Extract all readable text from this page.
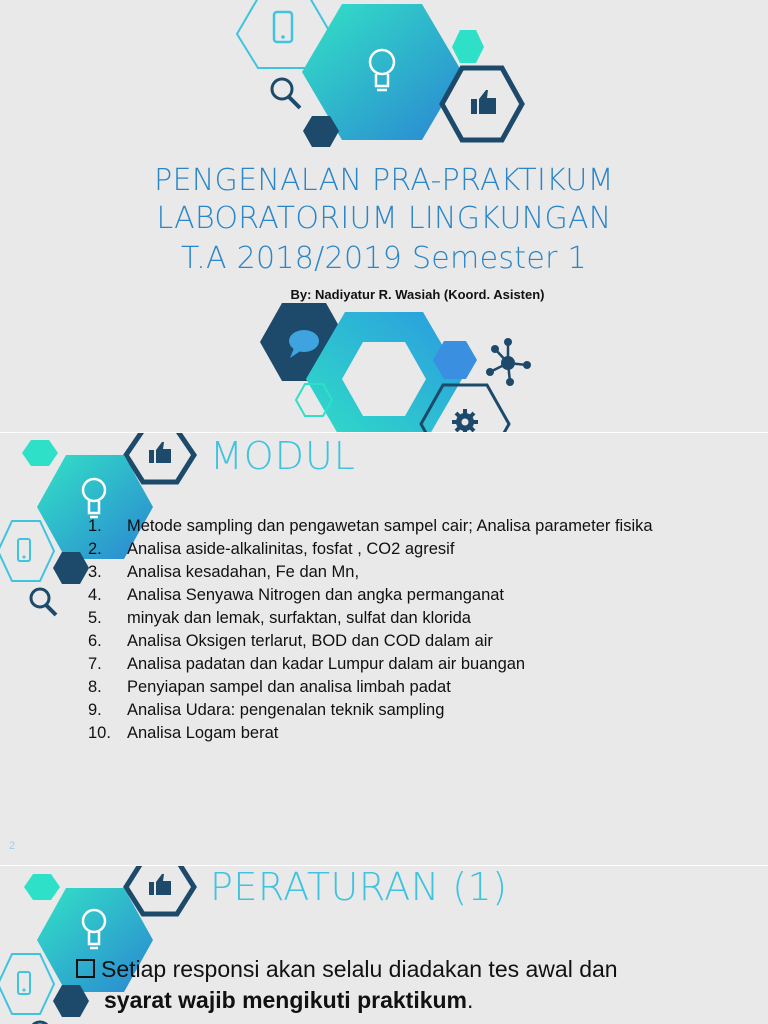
PENGENALAN PRA-PRAKTIKUM
LABORATORIUM LINGKUNGAN
T.A 2018/2019 Semester 1
By: Nadiyatur R. Wasiah (Koord. Asisten)
MODUL
1.	Metode sampling dan pengawetan sampel cair; Analisa parameter fisika
2.	Analisa aside-alkalinitas, fosfat , CO2 agresif
3.	Analisa kesadahan, Fe dan Mn,
4.	Analisa Senyawa Nitrogen dan angka permanganat
5.	minyak dan lemak, surfaktan, sulfat dan klorida
6.	Analisa Oksigen terlarut, BOD dan COD dalam air
7.	Analisa padatan dan kadar Lumpur dalam air buangan
8.	Penyiapan sampel dan analisa limbah padat
9.	Analisa Udara: pengenalan teknik sampling
10. Analisa Logam berat
2
PERATURAN (1)
Setiap responsi akan selalu diadakan tes awal dan
syarat wajib mengikuti praktikum.
